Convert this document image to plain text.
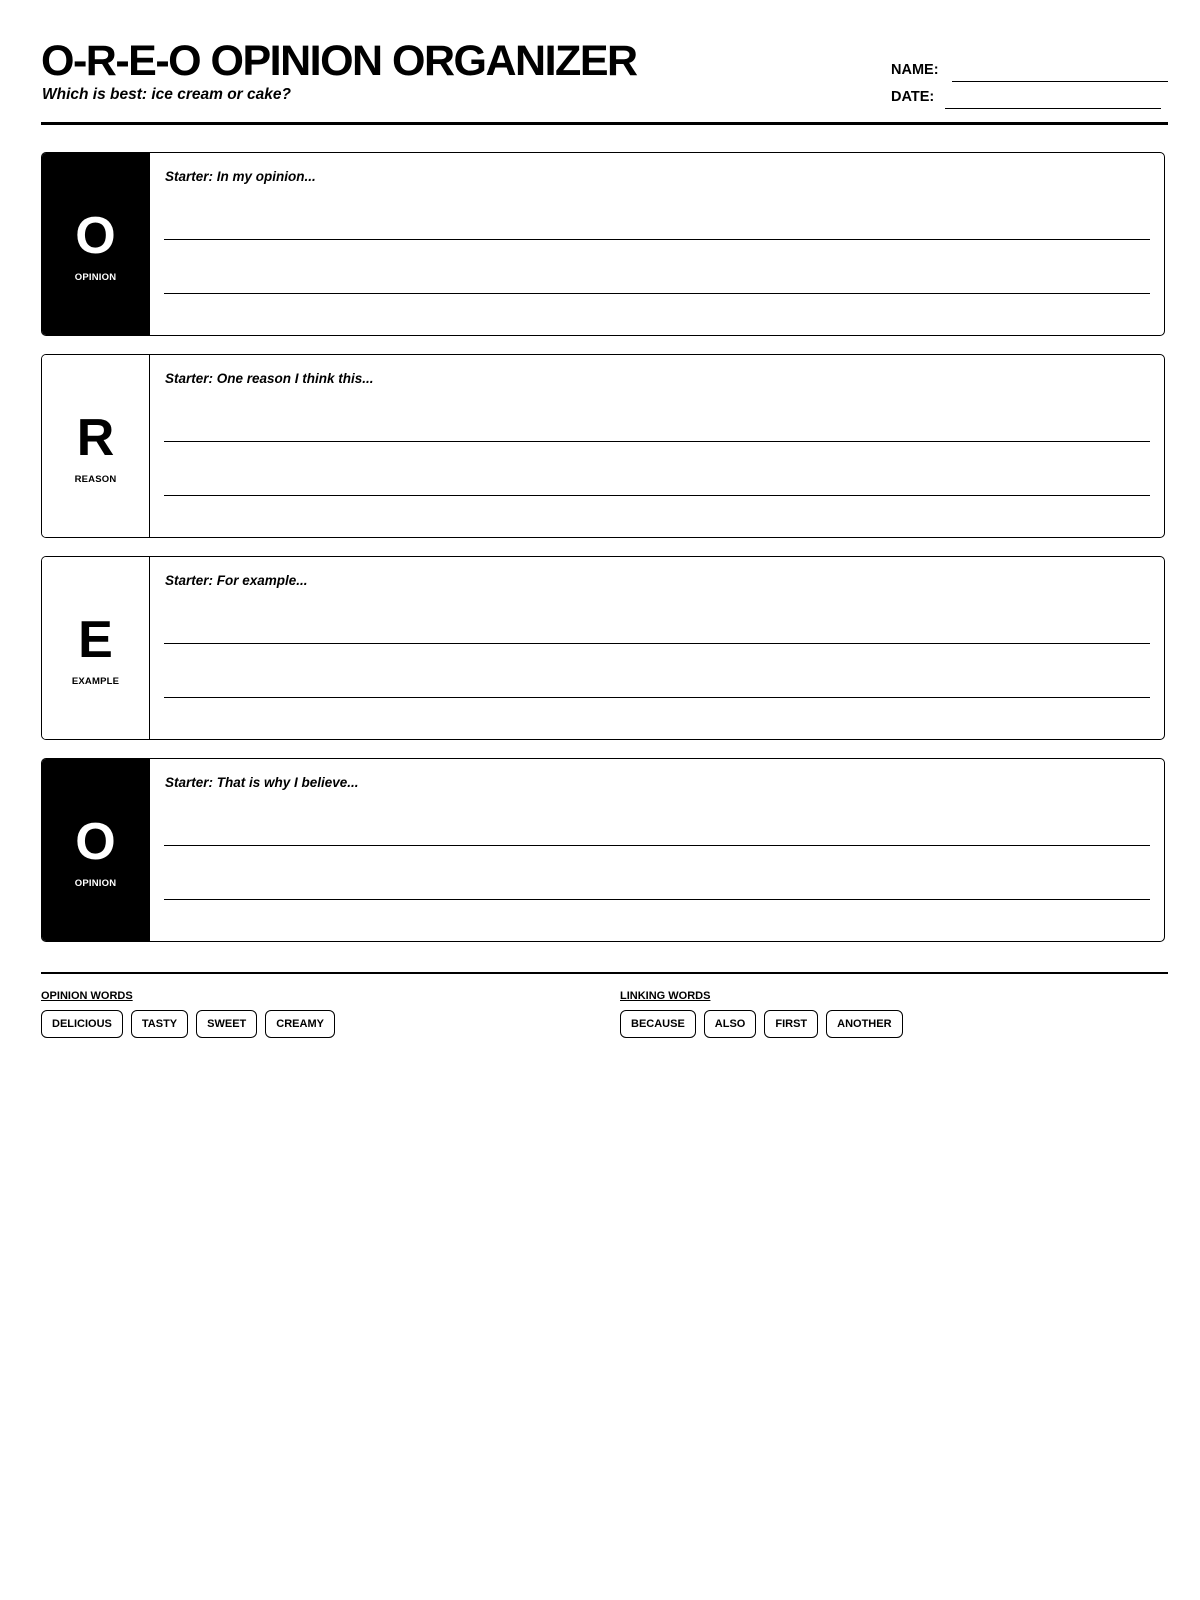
O-R-E-O OPINION ORGANIZER
Which is best: ice cream or cake?
NAME:
DATE:
O
OPINION
Starter: In my opinion...
R
REASON
Starter: One reason I think this...
E
EXAMPLE
Starter: For example...
O
OPINION
Starter: That is why I believe...
OPINION WORDS
DELICIOUS	TASTY	SWEET	CREAMY
LINKING WORDS
BECAUSE	ALSO	FIRST	ANOTHER
